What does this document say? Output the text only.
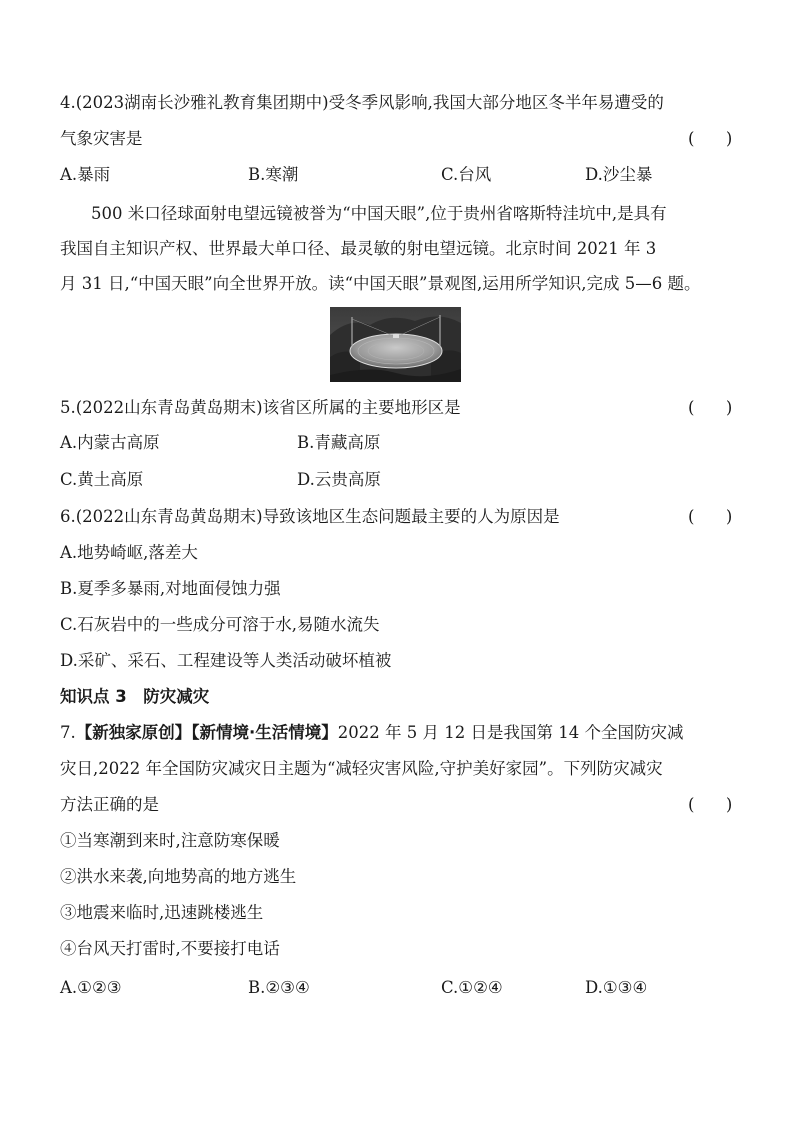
4.(2023湖南长沙雅礼教育集团期中)受冬季风影响,我国大部分地区冬半年易遭受的
气象灾害是	(      )
A.暴雨	B.寒潮	C.台风	D.沙尘暴
500 米口径球面射电望远镜被誉为“中国天眼”,位于贵州省喀斯特洼坑中,是具有
我国自主知识产权、世界最大单口径、最灵敏的射电望远镜。北京时间 2021 年 3
月 31 日,“中国天眼”向全世界开放。读“中国天眼”景观图,运用所学知识,完成 5—6 题。
5.(2022山东青岛黄岛期末)该省区所属的主要地形区是	(      )
A.内蒙古高原	B.青藏高原
C.黄土高原	D.云贵高原
6.(2022山东青岛黄岛期末)导致该地区生态问题最主要的人为原因是	(      )
A.地势崎岖,落差大
B.夏季多暴雨,对地面侵蚀力强
C.石灰岩中的一些成分可溶于水,易随水流失
D.采矿、采石、工程建设等人类活动破坏植被
知识点 3　防灾减灾
7.【新独家原创】【新情境·生活情境】2022 年 5 月 12 日是我国第 14 个全国防灾减
灾日,2022 年全国防灾减灾日主题为“减轻灾害风险,守护美好家园”。下列防灾减灾
方法正确的是	(      )
①当寒潮到来时,注意防寒保暖
②洪水来袭,向地势高的地方逃生
③地震来临时,迅速跳楼逃生
④台风天打雷时,不要接打电话
A.①②③	B.②③④	C.①②④	D.①③④
